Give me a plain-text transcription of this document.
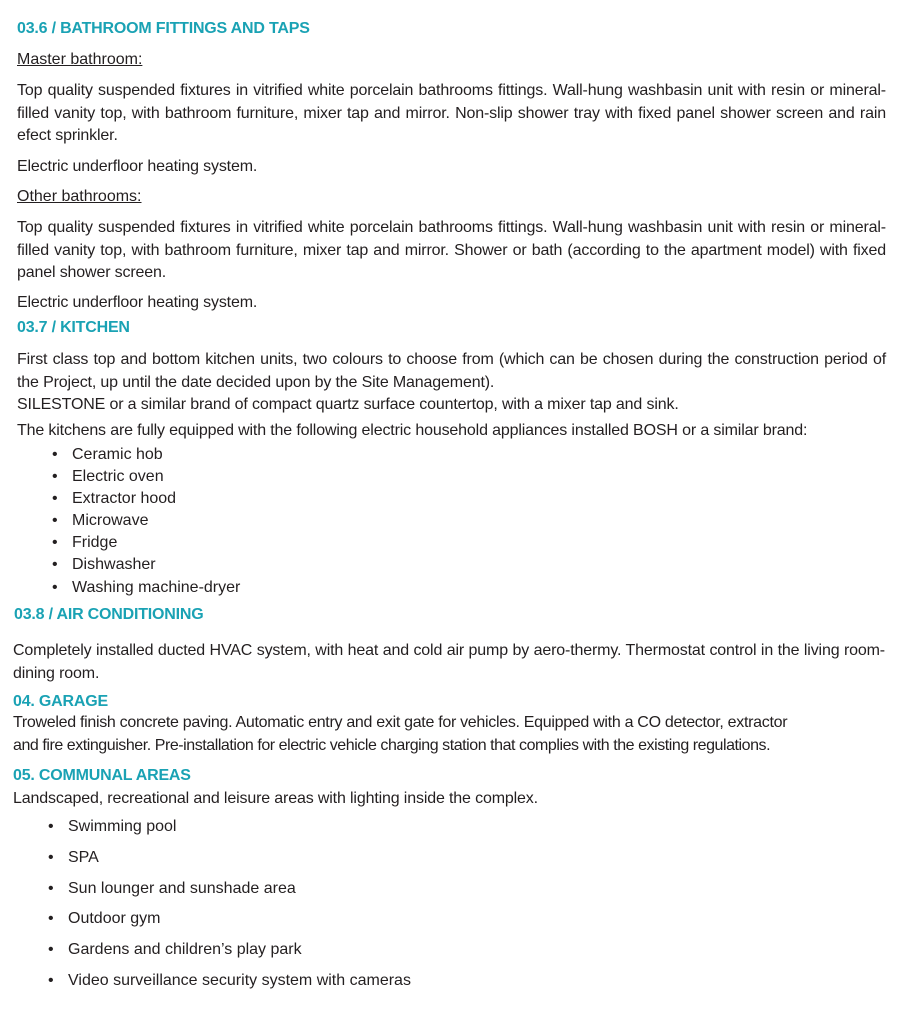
03.6 / BATHROOM FITTINGS AND TAPS
Master bathroom:

Top quality suspended fixtures in vitrified white porcelain bathrooms fittings. Wall-hung washbasin unit with resin or mineral-filled vanity top, with bathroom furniture, mixer tap and mirror. Non-slip shower tray with fixed panel shower screen and rain efect sprinkler.

Electric underfloor heating system.
Other bathrooms:

Top quality suspended fixtures in vitrified white porcelain bathrooms fittings. Wall-hung washbasin unit with resin or mineral-filled vanity top, with bathroom furniture, mixer tap and mirror. Shower or bath (according to the apartment model) with fixed panel shower screen.

Electric underfloor heating system.
03.7 / KITCHEN

First class top and bottom kitchen units, two colours to choose from (which can be chosen during the construction period of the Project, up until the date decided upon by the Site Management).

SILESTONE or a similar brand of compact quartz surface countertop, with a mixer tap and sink.
The kitchens are fully equipped with the following electric household appliances installed BOSH or a similar brand:
• Ceramic hob
• Electric oven
• Extractor hood
• Microwave
• Fridge
• Dishwasher
• Washing machine-dryer
03.8 / AIR CONDITIONING

Completely installed ducted HVAC system, with heat and cold air pump by aero-thermy. Thermostat control in the living room-dining room.

04. GARAGE
Troweled finish concrete paving. Automatic entry and exit gate for vehicles. Equipped with a CO detector, extractor
and fire extinguisher. Pre-installation for electric vehicle charging station that complies with the existing regulations.
05. COMMUNAL AREAS
Landscaped, recreational and leisure areas with lighting inside the complex.
• Swimming pool
• SPA
• Sun lounger and sunshade area
• Outdoor gym
• Gardens and children’s play park
• Video surveillance security system with cameras
